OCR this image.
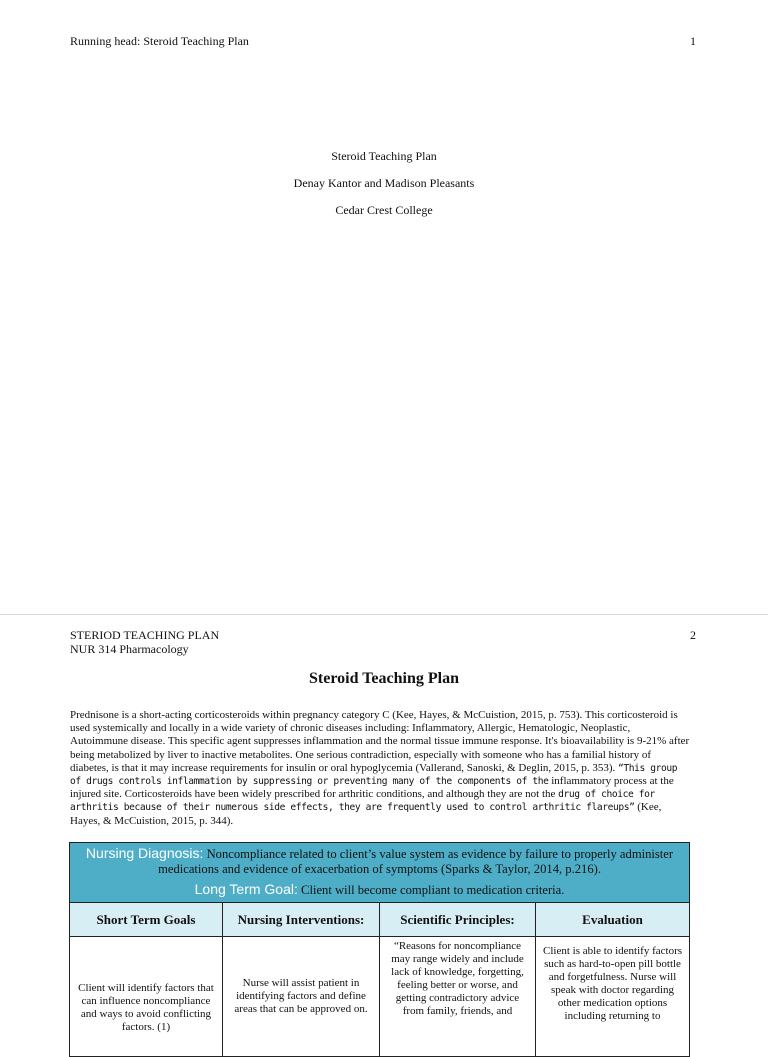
Running head: Steroid Teaching Plan	1
Steroid Teaching Plan
Denay Kantor and Madison Pleasants
Cedar Crest College
STERIOD TEACHING PLAN
NUR 314 Pharmacology
2
Steroid Teaching Plan

Prednisone is a short-acting corticosteroids within pregnancy category C (Kee, Hayes, & McCuistion, 2015, p. 753). This corticosteroid is used systemically and locally in a wide variety of chronic diseases including: Inflammatory, Allergic, Hematologic, Neoplastic, Autoimmune disease. This specific agent suppresses inflammation and the normal tissue immune response. It's bioavailability is 9-21% after being metabolized by liver to inactive metabolites. One serious contradiction, especially with someone who has a familial history of diabetes, is that it may increase requirements for insulin or oral hypoglycemia (Vallerand, Sanoski, & Deglin, 2015, p. 353). “This group of drugs controls inflammation by suppressing or preventing many of the components of the inflammatory process at the injured site. Corticosteroids have been widely prescribed for arthritic conditions, and although they are not the drug of choice for arthritis because of their numerous side effects, they are frequently used to control arthritic flareups” (Kee, Hayes, & McCuistion, 2015, p. 344).

Nursing Diagnosis: Noncompliance related to client’s value system as evidence by failure to properly administer medications and evidence of exacerbation of symptoms (Sparks & Taylor, 2014, p.216).
Long Term Goal: Client will become compliant to medication criteria.			

Short Term Goals	Nursing Interventions:	Scientific Principles:	Evaluation
Client will identify factors that can influence noncompliance and ways to avoid conflicting factors. (1)	Nurse will assist patient in identifying factors and define areas that can be approved on.	“Reasons for noncompliance may range widely and include lack of knowledge, forgetting, feeling better or worse, and getting contradictory advice from family, friends, and	Client is able to identify factors such as hard-to-open pill bottle and forgetfulness. Nurse will speak with doctor regarding other medication options including returning to
